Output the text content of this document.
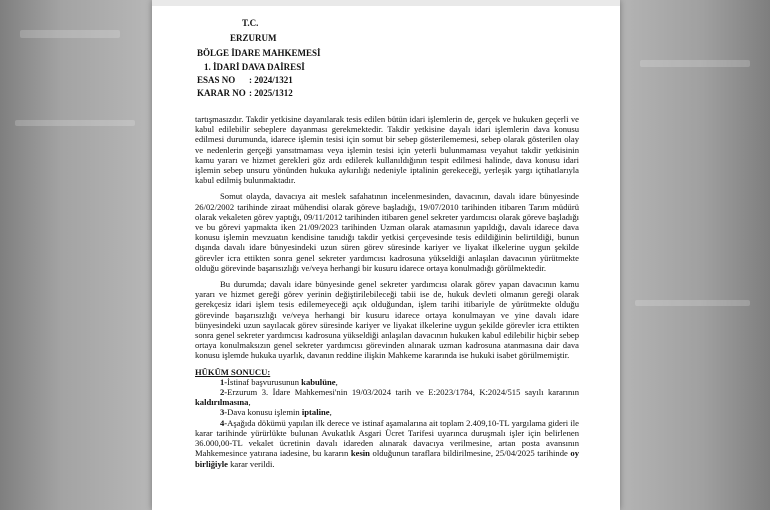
T.C.
ERZURUM
BÖLGE İDARE MAHKEMESİ
1. İDARİ DAVA DAİRESİ
ESAS NO : 2024/1321
KARAR NO : 2025/1312

tartışmasızdır. Takdir yetkisine dayanılarak tesis edilen bütün idari işlemlerin de, gerçek ve hukuken geçerli ve kabul edilebilir sebeplere dayanması gerekmektedir. Takdir yetkisine dayalı idari işlemlerin dava konusu edilmesi durumunda, idarece işlemin tesisi için somut bir sebep gösterilememesi, sebep olarak gösterilen olay ve nedenlerin gerçeği yansıtmaması veya işlemin tesisi için yeterli bulunmaması veyahut takdir yetkisinin kamu yararı ve hizmet gerekleri göz ardı edilerek kullanıldığının tespit edilmesi halinde, dava konusu idari işlemin sebep unsuru yönünden hukuka aykırılığı nedeniyle iptalinin gerekeceği, yerleşik yargı içtihatlarıyla kabul edilmiş bulunmaktadır.

Somut olayda, davacıya ait meslek safahatının incelenmesinden, davacının, davalı idare bünyesinde 26/02/2002 tarihinde ziraat mühendisi olarak göreve başladığı, 19/07/2010 tarihinden itibaren Tarım müdürü olarak vekaleten görev yaptığı, 09/11/2012 tarihinden itibaren genel sekreter yardımcısı olarak göreve başladığı ve bu görevi yapmakta iken 21/09/2023 tarihinden Uzman olarak atamasının yapıldığı, davalı idarece dava konusu işlemin mevzuatın kendisine tanıdığı takdir yetkisi çerçevesinde tesis edildiğinin belirtildiği, bunun dışında davalı idare bünyesindeki uzun süren görev süresinde kariyer ve liyakat ilkelerine uygun şekilde görevler icra ettikten sonra genel sekreter yardımcısı kadrosuna yükseldiği anlaşılan davacının yürütmekte olduğu görevinde başarısızlığı ve/veya herhangi bir kusuru idarece ortaya konulmadığı görülmektedir.

Bu durumda; davalı idare bünyesinde genel sekreter yardımcısı olarak görev yapan davacının kamu yararı ve hizmet gereği görev yerinin değiştirilebileceği tabii ise de, hukuk devleti olmanın gereği olarak gerekçesiz idari işlem tesis edilemeyeceği açık olduğundan, işlem tarihi itibariyle de yürütmekte olduğu görevinde başarısızlığı ve/veya herhangi bir kusuru idarece ortaya konulmayan ve yine davalı idare bünyesindeki uzun sayılacak görev süresinde kariyer ve liyakat ilkelerine uygun şekilde görevler icra ettikten sonra genel sekreter yardımcısı kadrosuna yükseldiği anlaşılan davacının hukuken kabul edilebilir hiçbir sebep ortaya konulmaksızın genel sekreter yardımcısı görevinden alınarak uzman kadrosuna atanmasına dair dava konusu işlemde hukuka uyarlık, davanın reddine ilişkin Mahkeme kararında ise hukuki isabet görülmemiştir.

HÜKÜM SONUCU:

1-İstinaf başvurusunun kabulüne,

2-Erzurum 3. İdare Mahkemesi'nin 19/03/2024 tarih ve E:2023/1784, K:2024/515 sayılı kararının kaldırılmasına,

3-Dava konusu işlemin iptaline,

4-Aşağıda dökümü yapılan ilk derece ve istinaf aşamalarına ait toplam 2.409,10-TL yargılama gideri ile karar tarihinde yürürlükte bulunan Avukatlık Asgari Ücret Tarifesi uyarınca duruşmalı işler için belirlenen 36.000,00-TL vekalet ücretinin davalı idareden alınarak davacıya verilmesine, artan posta avansının Mahkemesince yatırana iadesine, bu kararın kesin olduğunun taraflara bildirilmesine, 25/04/2025 tarihinde oy birliğiyle karar verildi.
